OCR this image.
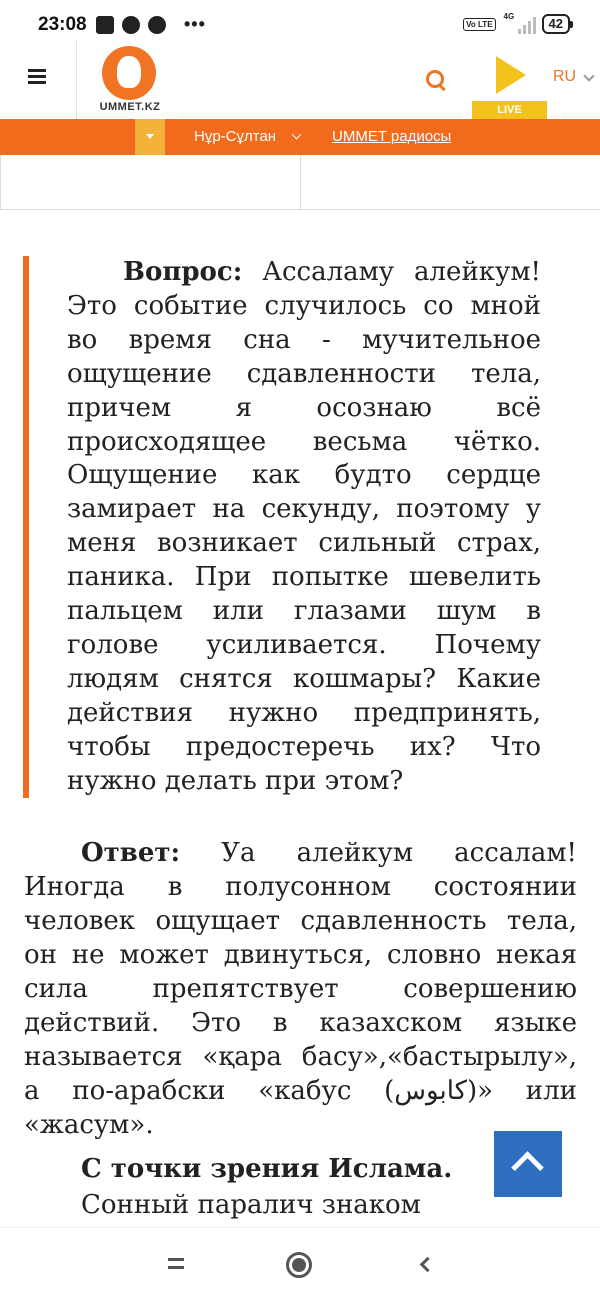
23:08	•••	Vo LTE
4G	42
UMMET.KZ	LIVE
RU
Нұр-Сұлтан	UMMET радиосы

Вопрос: Ассаламу алейкум! Это событие случилось со мной во время сна - мучительное ощущение сдавленности тела, причем я осознаю всё происходящее весьма чётко. Ощущение как будто сердце замирает на секунду, поэтому у меня возникает сильный страх, паника. При попытке шевелить пальцем или глазами шум в голове усиливается. Почему людям снятся кошмары? Какие действия нужно предпринять, чтобы предостеречь их? Что нужно делать при этом?

Ответ: Уа алейкум ассалам! Иногда в полусонном состоянии человек ощущает сдавленность тела, он не может двинуться, словно некая сила препятствует совершению действий. Это в казахском языке называется «қара басу»,«бастырылу», а по-арабски «кабус (كابوس)» или «жасум».

С точки зрения Ислама.

Сонный паралич знаком
